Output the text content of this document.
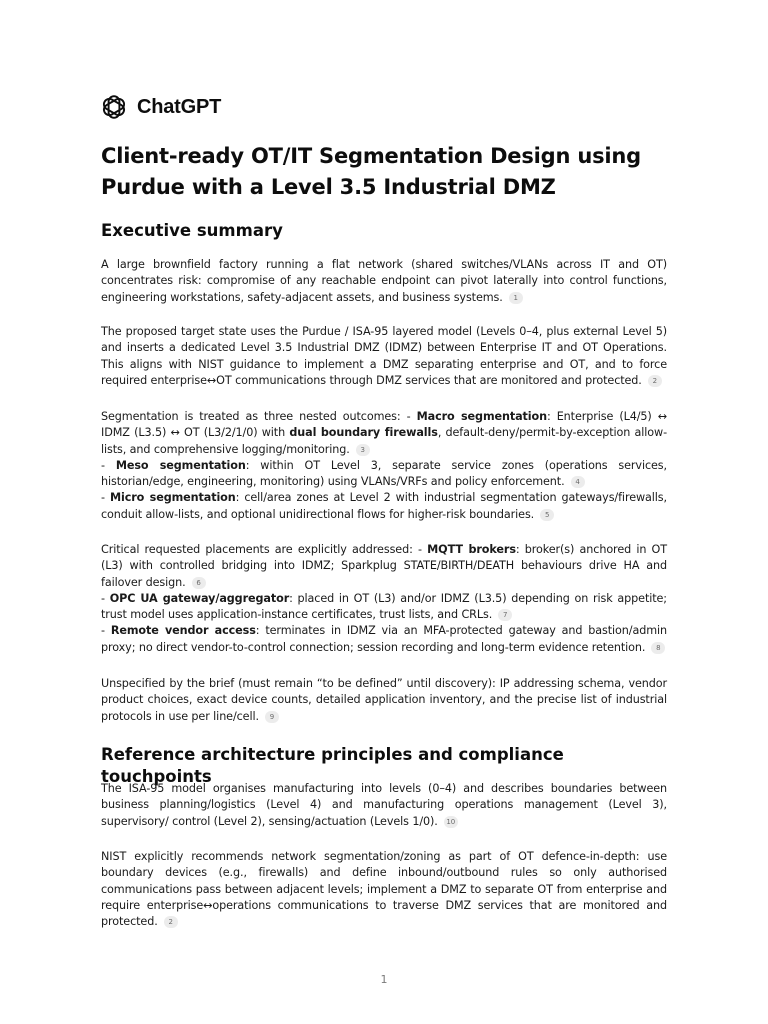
ChatGPT
Client-ready OT/IT Segmentation Design using Purdue with a Level 3.5 Industrial DMZ
Executive summary

A large brownfield factory running a flat network (shared switches/VLANs across IT and OT) concentrates risk: compromise of any reachable endpoint can pivot laterally into control functions, engineering workstations, safety-adjacent assets, and business systems. 1

The proposed target state uses the Purdue / ISA-95 layered model (Levels 0–4, plus external Level 5) and inserts a dedicated Level 3.5 Industrial DMZ (IDMZ) between Enterprise IT and OT Operations. This aligns with NIST guidance to implement a DMZ separating enterprise and OT, and to force required enterprise↔OT communications through DMZ services that are monitored and protected. 2

Segmentation is treated as three nested outcomes: - Macro segmentation: Enterprise (L4/5) ↔ IDMZ (L3.5) ↔ OT (L3/2/1/0) with dual boundary firewalls, default-deny/permit-by-exception allow-lists, and comprehensive logging/monitoring. 3
- Meso segmentation: within OT Level 3, separate service zones (operations services, historian/edge, engineering, monitoring) using VLANs/VRFs and policy enforcement. 4
- Micro segmentation: cell/area zones at Level 2 with industrial segmentation gateways/firewalls, conduit allow-lists, and optional unidirectional flows for higher-risk boundaries. 5

Critical requested placements are explicitly addressed: - MQTT brokers: broker(s) anchored in OT (L3) with controlled bridging into IDMZ; Sparkplug STATE/BIRTH/DEATH behaviours drive HA and failover design. 6
- OPC UA gateway/aggregator: placed in OT (L3) and/or IDMZ (L3.5) depending on risk appetite; trust model uses application-instance certificates, trust lists, and CRLs. 7
- Remote vendor access: terminates in IDMZ via an MFA-protected gateway and bastion/admin proxy; no direct vendor-to-control connection; session recording and long-term evidence retention. 8

Unspecified by the brief (must remain “to be defined” until discovery): IP addressing schema, vendor product choices, exact device counts, detailed application inventory, and the precise list of industrial protocols in use per line/cell. 9

Reference architecture principles and compliance touchpoints

The ISA-95 model organises manufacturing into levels (0–4) and describes boundaries between business planning/logistics (Level 4) and manufacturing operations management (Level 3), supervisory/ control (Level 2), sensing/actuation (Levels 1/0). 10

NIST explicitly recommends network segmentation/zoning as part of OT defence-in-depth: use boundary devices (e.g., firewalls) and define inbound/outbound rules so only authorised communications pass between adjacent levels; implement a DMZ to separate OT from enterprise and require enterprise↔operations communications to traverse DMZ services that are monitored and protected. 2

1
